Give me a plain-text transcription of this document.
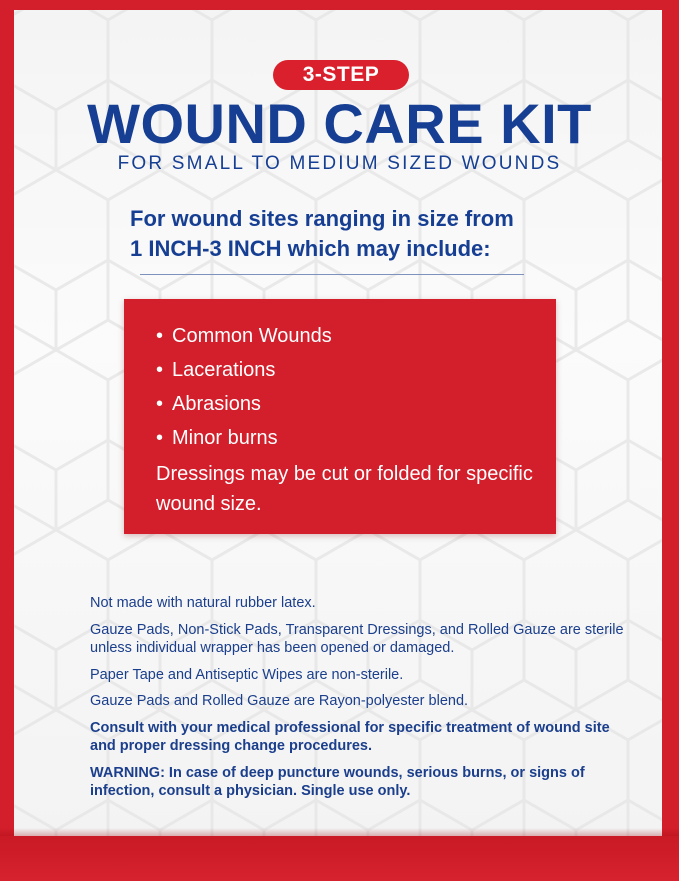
3-STEP
WOUND CARE KIT
FOR SMALL TO MEDIUM SIZED WOUNDS
For wound sites ranging in size from
1 INCH-3 INCH which may include:
• Common Wounds
• Lacerations
• Abrasions
• Minor burns
Dressings may be cut or folded for specific wound size.

Not made with natural rubber latex.

Gauze Pads, Non-Stick Pads, Transparent Dressings, and Rolled Gauze are sterile unless individual wrapper has been opened or damaged.

Paper Tape and Antiseptic Wipes are non-sterile.

Gauze Pads and Rolled Gauze are Rayon-polyester blend.

Consult with your medical professional for specific treatment of wound site and proper dressing change procedures.

WARNING: In case of deep puncture wounds, serious burns, or signs of infection, consult a physician. Single use only.
